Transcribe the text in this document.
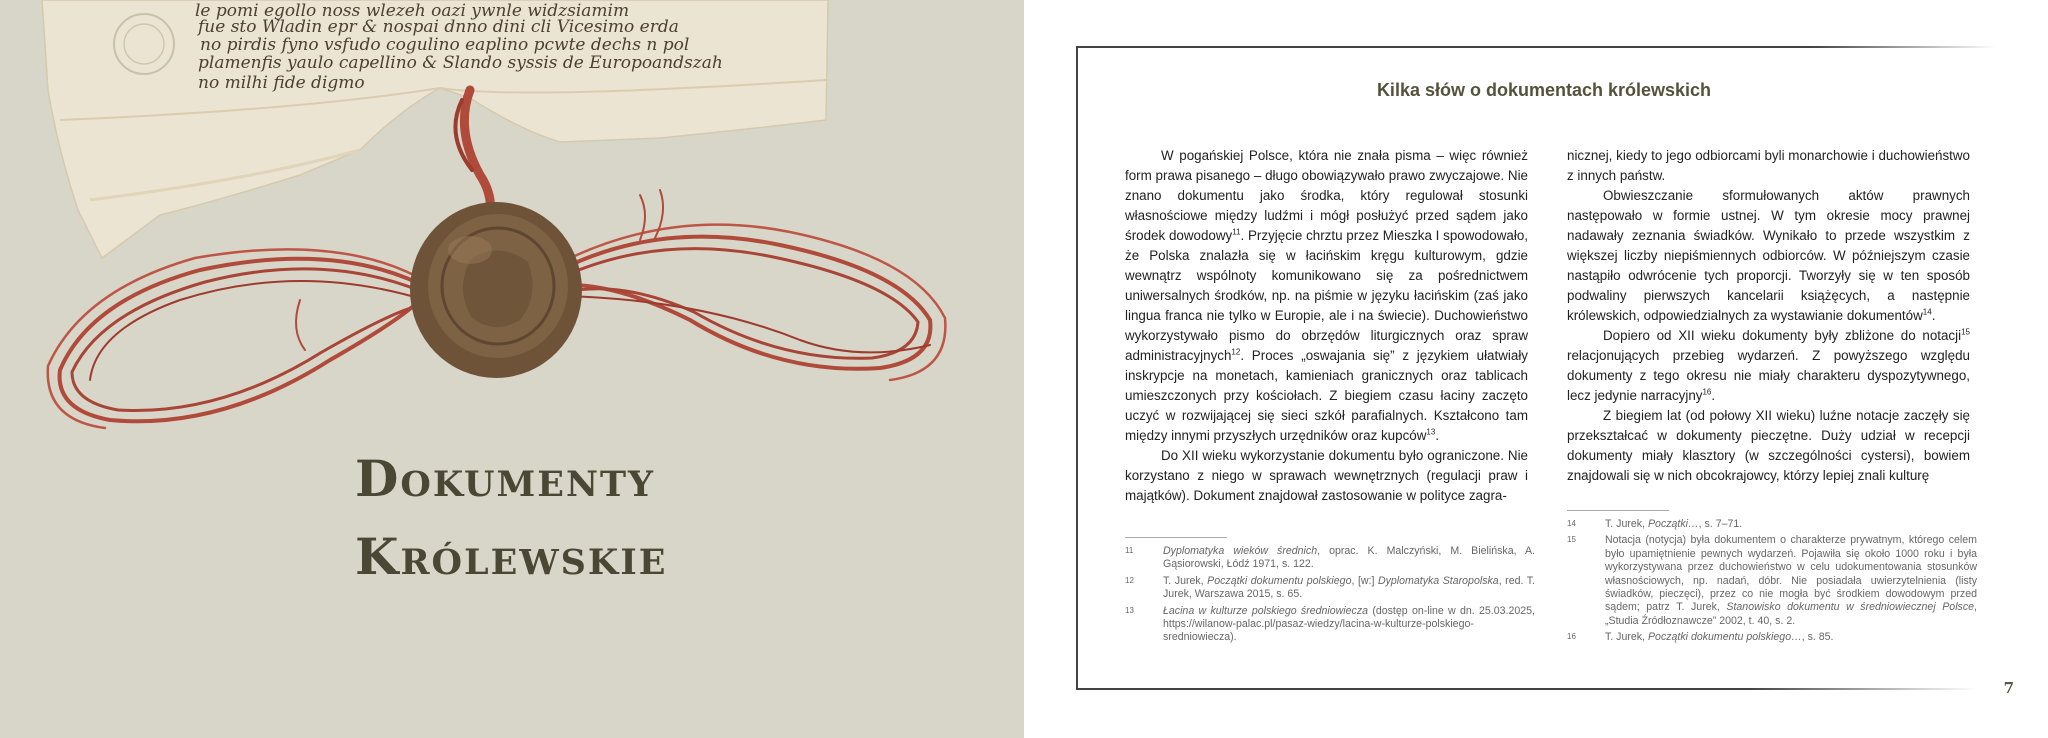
le pomi egollo noss wlezeh oazi ywnle widzsiamim
fue sto Wladin epr & nospai dnno dini cli Vicesimo erda
no pirdis fyno vsfudo cogulino eaplino pcwte dechs n pol
plamenfis yaulo capellino & Slando syssis de Europoandszah
no milhi fide digmo
Dokumenty
Królewskie
Kilka słów o dokumentach królewskich

W pogańskiej Polsce, która nie znała pisma – więc również form prawa pisanego – długo obowiązywało prawo zwyczajowe. Nie znano dokumentu jako środka, który regulował stosunki własnościowe między ludźmi i mógł posłużyć przed sądem jako środek dowodowy$^{11}$. Przyjęcie chrztu przez Mieszka I spowodowało, że Polska znalazła się w łacińskim kręgu kulturowym, gdzie wewnątrz wspólnoty komunikowano się za pośrednictwem uniwersalnych środków, np. na piśmie w języku łacińskim (zaś jako lingua franca nie tylko w Europie, ale i na świecie). Duchowieństwo wykorzystywało pismo do obrzędów liturgicznych oraz spraw administracyjnych$^{12}$. Proces „oswajania się” z językiem ułatwiały inskrypcje na monetach, kamieniach granicznych oraz tablicach umieszczonych przy kościołach. Z biegiem czasu łaciny zaczęto uczyć w rozwijającej się sieci szkół parafialnych. Kształcono tam między innymi przyszłych urzędników oraz kupców$^{13}$.

Do XII wieku wykorzystanie dokumentu było ograniczone. Nie korzystano z niego w sprawach wewnętrznych (regulacji praw i majątków). Dokument znajdował zastosowanie w polityce zagra-

nicznej, kiedy to jego odbiorcami byli monarchowie i duchowieństwo z innych państw.

Obwieszczanie sformułowanych aktów prawnych następowało w formie ustnej. W tym okresie mocy prawnej nadawały zeznania świadków. Wynikało to przede wszystkim z większej liczby niepiśmiennych odbiorców. W późniejszym czasie nastąpiło odwrócenie tych proporcji. Tworzyły się w ten sposób podwaliny pierwszych kancelarii książęcych, a następnie królewskich, odpowiedzialnych za wystawianie dokumentów$^{14}$.

Dopiero od XII wieku dokumenty były zbliżone do notacji$^{15}$ relacjonujących przebieg wydarzeń. Z powyższego względu dokumenty z tego okresu nie miały charakteru dyspozytywnego, lecz jedynie narracyjny$^{16}$.

Z biegiem lat (od połowy XII wieku) luźne notacje zaczęły się przekształcać w dokumenty pieczętne. Duży udział w recepcji dokumenty miały klasztory (w szczególności cystersi), bowiem znajdowali się w nich obcokrajowcy, którzy lepiej znali kulturę

11	Dyplomatyka wieków średnich, oprac. K. Malczyński, M. Bielińska, A. Gąsiorowski, Łódź 1971, s. 122.
12	T. Jurek, Początki dokumentu polskiego, [w:] Dyplomatyka Staropolska, red. T. Jurek, Warszawa 2015, s. 65.
13	Łacina w kulturze polskiego średniowiecza (dostęp on-line w dn. 25.03.2025, https://wilanow-palac.pl/pasaz-wiedzy/lacina-w-kulturze-polskiego-sredniowiecza).
14	T. Jurek, Początki…, s. 7–71.
15	Notacja (notycja) była dokumentem o charakterze prywatnym, którego celem było upamiętnienie pewnych wydarzeń. Pojawiła się około 1000 roku i była wykorzystywana przez duchowieństwo w celu udokumentowania stosunków własnościowych, np. nadań, dóbr. Nie posiadała uwierzytelnienia (listy świadków, pieczęci), przez co nie mogła być środkiem dowodowym przed sądem; patrz T. Jurek, Stanowisko dokumentu w średniowiecznej Polsce, „Studia Źródłoznawcze” 2002, t. 40, s. 2.
16	T. Jurek, Początki dokumentu polskiego…, s. 85.

7
